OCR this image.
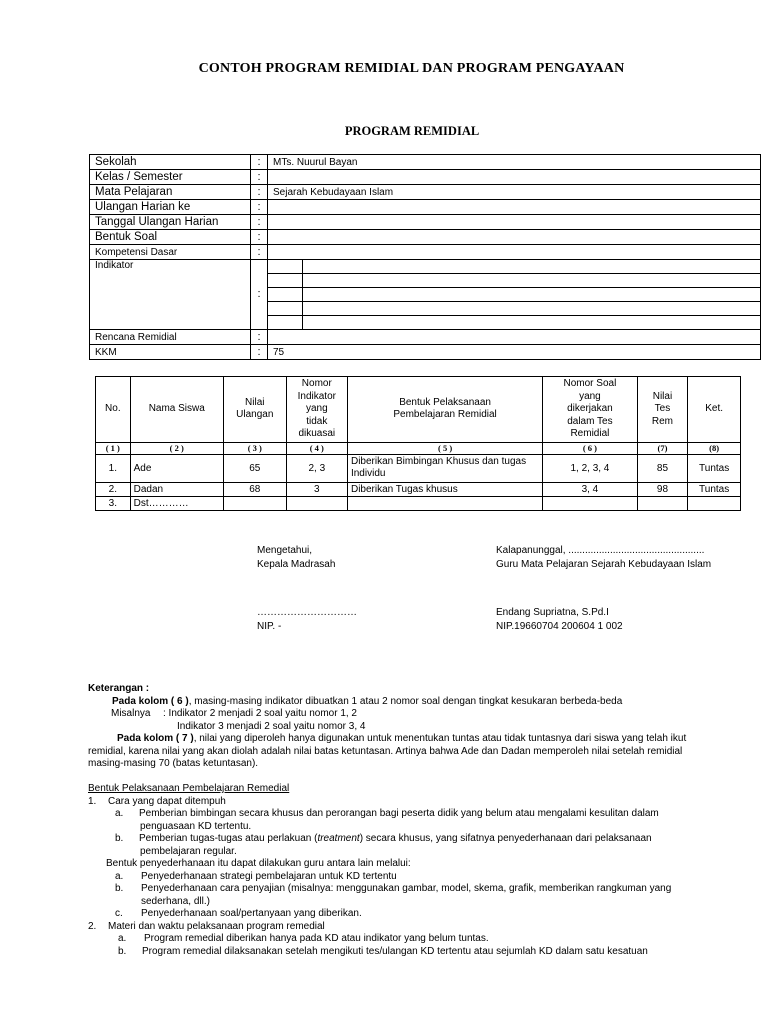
CONTOH PROGRAM REMIDIAL DAN PROGRAM PENGAYAAN
PROGRAM REMIDIAL
Sekolah	:	MTs. Nuurul Bayan
Kelas / Semester	:	
Mata Pelajaran	:	Sejarah Kebudayaan Islam
Ulangan Harian ke	:	
Tanggal Ulangan Harian	:	
Bentuk Soal	:	
Kompetensi Dasar	:	
Indikator	:	

Rencana Remidial	:	
KKM	:	75
No.	Nama Siswa	Nilai Ulangan	Nomor Indikator yang tidak dikuasai	Bentuk Pelaksanaan Pembelajaran Remidial	Nomor Soal yang dikerjakan dalam Tes Remidial	Nilai Tes Rem	Ket.
( 1 )	( 2 )	( 3 )	( 4 )	( 5 )	( 6 )	(7)	(8)
1.	Ade	65	2, 3	Diberikan Bimbingan Khusus dan tugas Individu	1, 2, 3, 4	85	Tuntas
2.	Dadan	68	3	Diberikan Tugas khusus	3, 4	98	Tuntas
3.	Dst…………						
Mengetahui,
Kepala Madrasah
…………………………
NIP. -
Kalapanunggal, .................................................
Guru Mata Pelajaran Sejarah Kebudayaan Islam
Endang Supriatna, S.Pd.I
NIP.19660704 200604 1 002
Keterangan :
Pada kolom ( 6 ), masing-masing indikator dibuatkan 1 atau 2 nomor soal dengan tingkat kesukaran berbeda-beda
Misalnya : Indikator 2 menjadi 2 soal yaitu nomor 1, 2
Indikator 3 menjadi 2 soal yaitu nomor 3, 4
Pada kolom ( 7 ), nilai yang diperoleh hanya digunakan untuk menentukan tuntas atau tidak tuntasnya dari siswa yang telah ikut
remidial, karena nilai yang akan diolah adalah nilai batas ketuntasan. Artinya bahwa Ade dan Dadan memperoleh nilai setelah remidial
masing-masing 70 (batas ketuntasan).
Bentuk Pelaksanaan Pembelajaran Remedial
1. Cara yang dapat ditempuh
a. Pemberian bimbingan secara khusus dan perorangan bagi peserta didik yang belum atau mengalami kesulitan dalam
penguasaan KD tertentu.
b. Pemberian tugas-tugas atau perlakuan (treatment) secara khusus, yang sifatnya penyederhanaan dari pelaksanaan
pembelajaran regular.
Bentuk penyederhanaan itu dapat dilakukan guru antara lain melalui:
a. Penyederhanaan strategi pembelajaran untuk KD tertentu
b. Penyederhanaan cara penyajian (misalnya: menggunakan gambar, model, skema, grafik, memberikan rangkuman yang
sederhana, dll.)
c. Penyederhanaan soal/pertanyaan yang diberikan.
2. Materi dan waktu pelaksanaan program remedial
a. Program remedial diberikan hanya pada KD atau indikator yang belum tuntas.
b. Program remedial dilaksanakan setelah mengikuti tes/ulangan KD tertentu atau sejumlah KD dalam satu kesatuan
